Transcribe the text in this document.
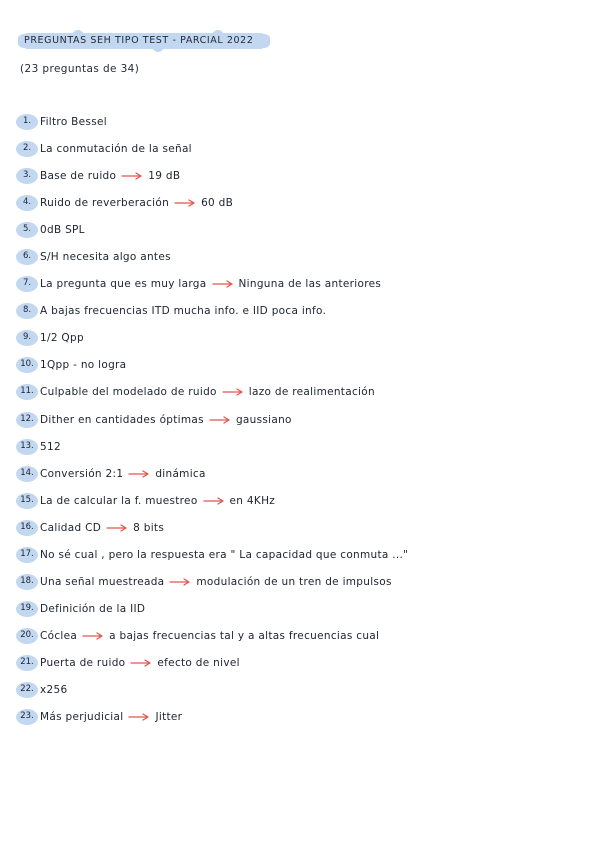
PREGUNTAS SEH TIPO TEST - PARCIAL 2022
(23 preguntas de 34)
1. Filtro Bessel
2. La conmutación de la señal
3. Base de ruido	19 dB
4. Ruido de reverberación	60 dB
5. 0dB SPL
6. S/H necesita algo antes
7. La pregunta que es muy larga	Ninguna de las anteriores
8. A bajas frecuencias ITD mucha info. e IID poca info.
9. 1/2 Qpp
10. 1Qpp - no logra
11. Culpable del modelado de ruido	lazo de realimentación
12. Dither en cantidades óptimas	gaussiano
13. 512
14. Conversión 2:1	dinámica
15. La de calcular la f. muestreo	en 4KHz
16. Calidad CD	8 bits
17. No sé cual , pero la respuesta era " La capacidad que conmuta ..."
18. Una señal muestreada	modulación de un tren de impulsos
19. Definición de la IID
20. Cóclea	a bajas frecuencias tal y a altas frecuencias cual
21. Puerta de ruido	efecto de nivel
22. x256
23. Más perjudicial	Jitter
